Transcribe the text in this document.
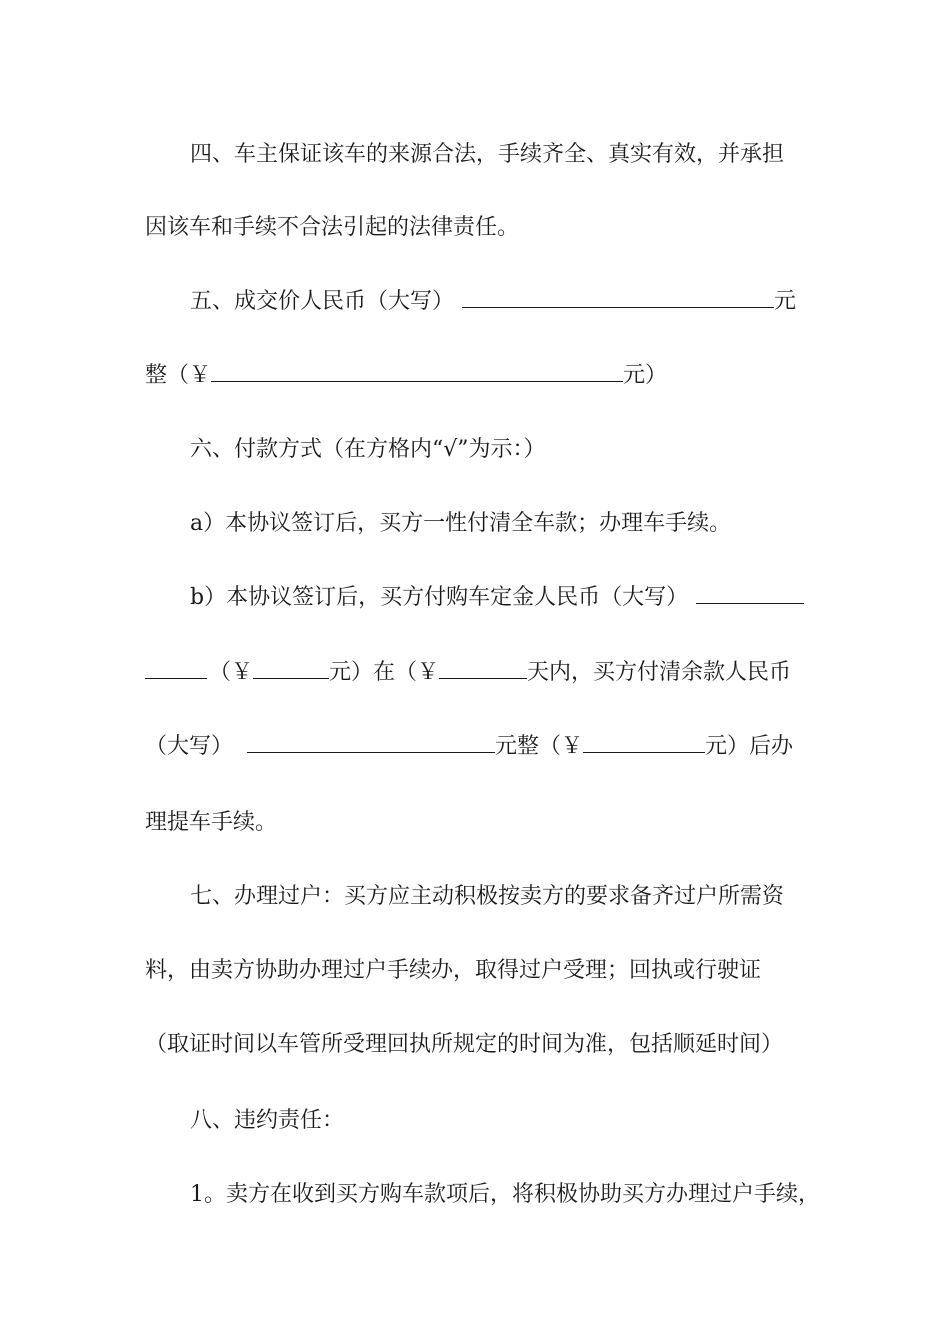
四、车主保证该车的来源合法，手续齐全、真实有效，并承担
因该车和手续不合法引起的法律责任。
五、成交价人民币（大写）	元
整（￥	元）
六、付款方式（在方格内“√”为示：）
a）本协议签订后，买方一性付清全车款；办理车手续。
b）本协议签订后，买方付购车定金人民币（大写）
（￥	元）在（￥	天内，买方付清余款人民币
（大写）	元整（￥	元）后办
理提车手续。
七、办理过户：买方应主动积极按卖方的要求备齐过户所需资
料，由卖方协助办理过户手续办，取得过户受理；回执或行驶证
（取证时间以车管所受理回执所规定的时间为准，包括顺延时间）
八、违约责任：
1。卖方在收到买方购车款项后，将积极协助买方办理过户手续，
